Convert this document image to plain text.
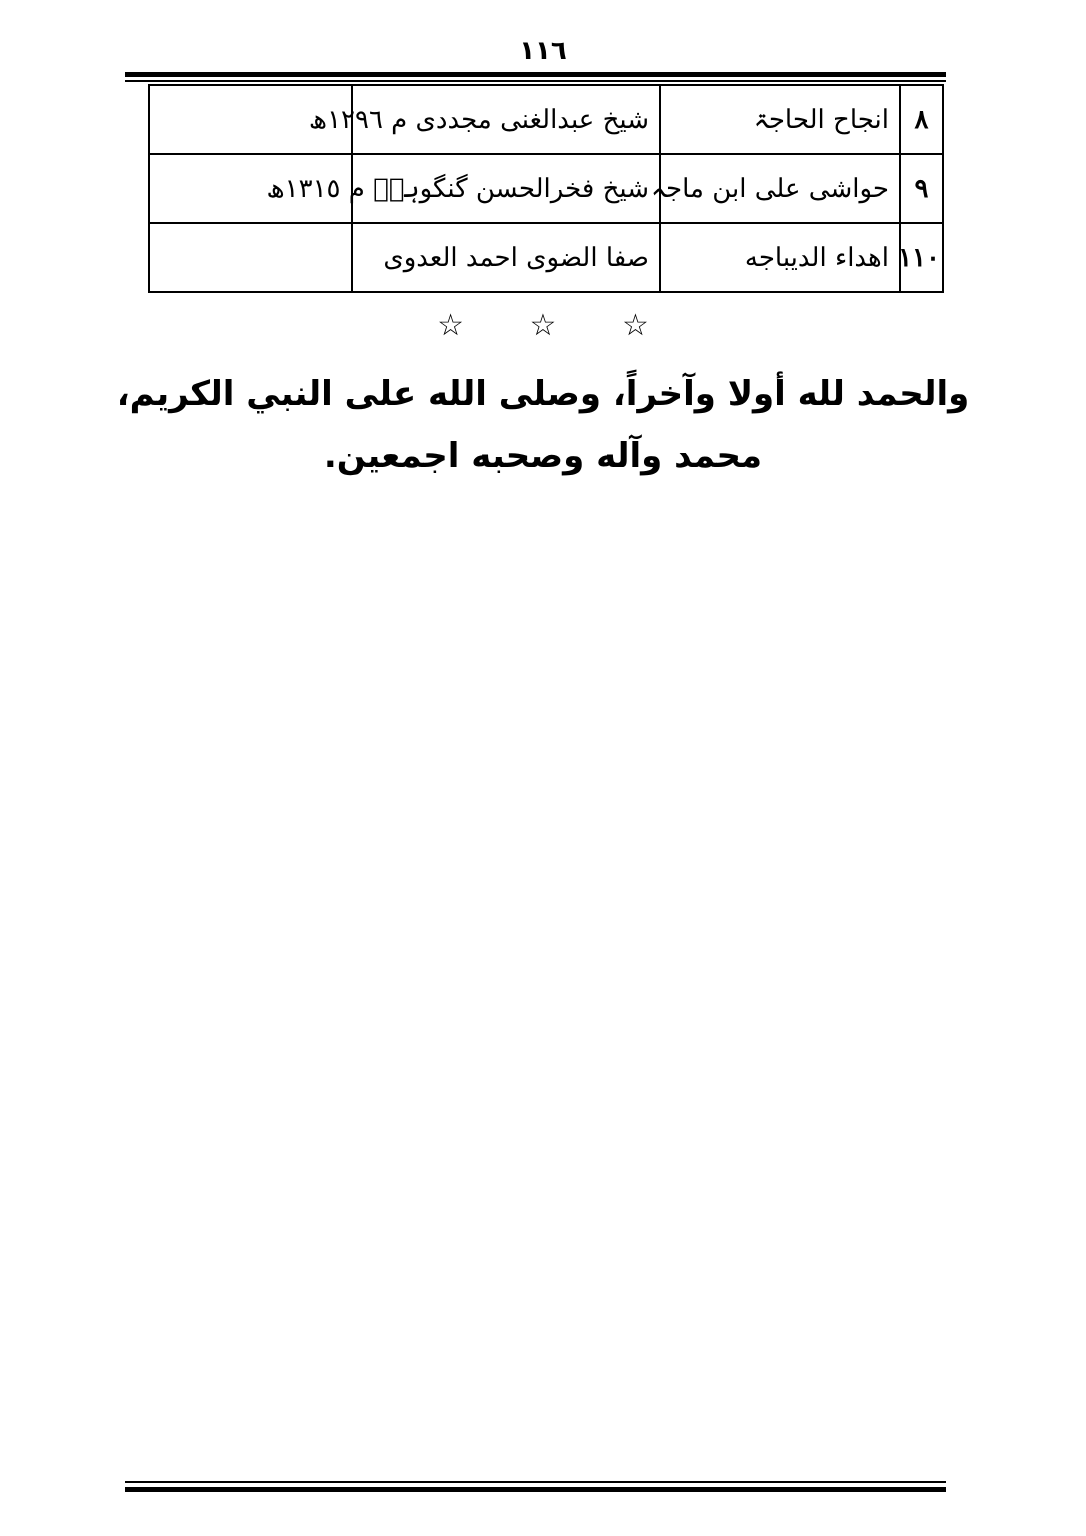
١١٦
٨	انجاح الحاجۃ	شیخ عبدالغنی مجددی م ١٢٩٦ھ	
٩	حواشی علی ابن ماجہ	شیخ فخرالحسن گنگوہیؒ م ١٣١٥ھ	
١١٠	اهداء الديباجه	صفا الضوى احمد العدوی	
☆ ☆ ☆
والحمد لله أولا وآخراً، وصلى الله على النبي الكريم،
محمد وآله وصحبه اجمعين.
